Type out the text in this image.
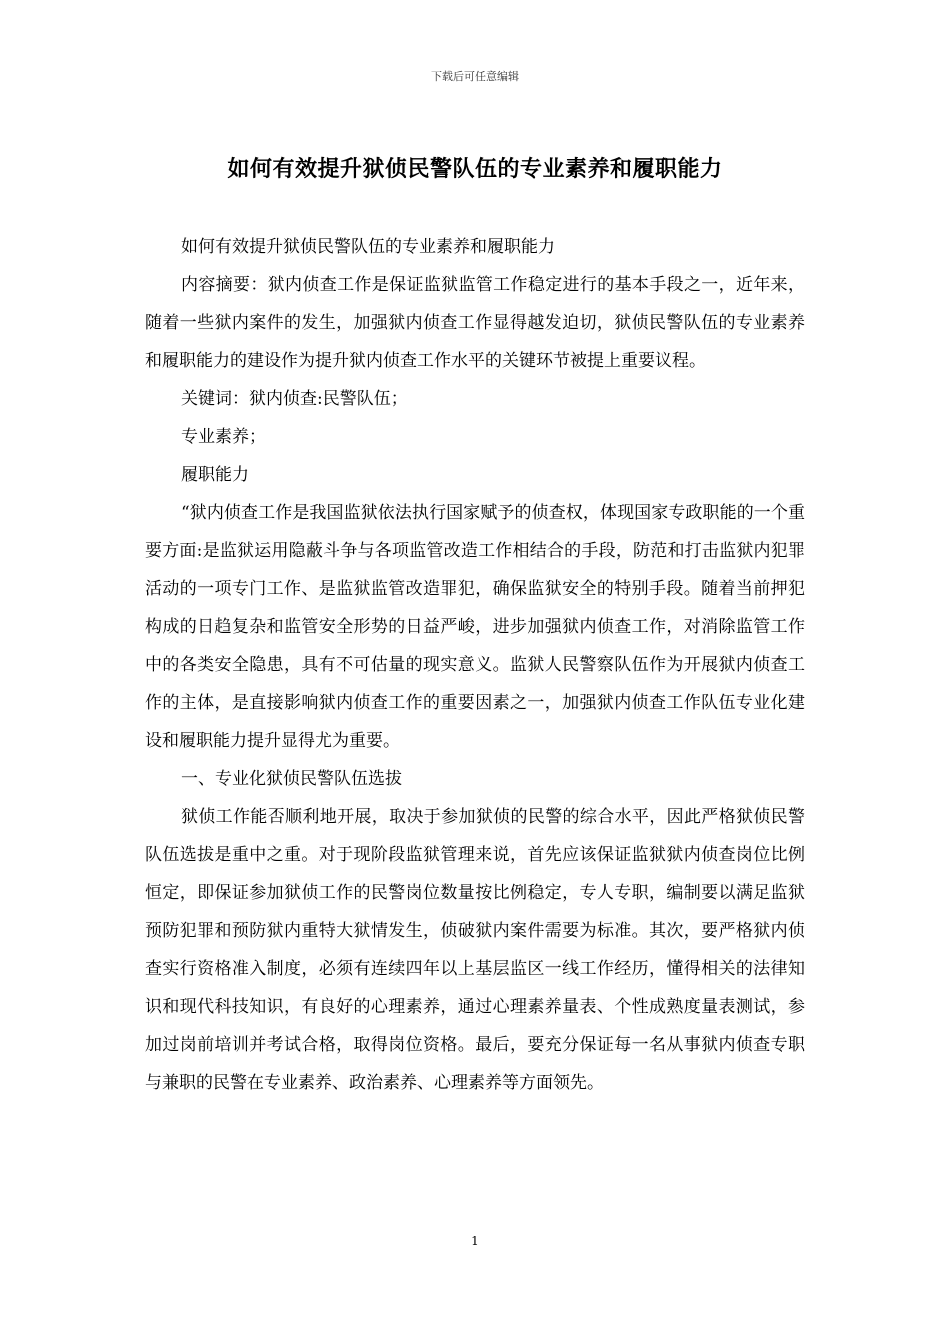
下载后可任意编辑
如何有效提升狱侦民警队伍的专业素养和履职能力

如何有效提升狱侦民警队伍的专业素养和履职能力

内容摘要：狱内侦查工作是保证监狱监管工作稳定进行的基本手段之一，近年来，随着一些狱内案件的发生，加强狱内侦查工作显得越发迫切，狱侦民警队伍的专业素养和履职能力的建设作为提升狱内侦查工作水平的关键环节被提上重要议程。

关键词：狱内侦查:民警队伍；

专业素养；

履职能力

“狱内侦查工作是我国监狱依法执行国家赋予的侦查权，体现国家专政职能的一个重要方面:是监狱运用隐蔽斗争与各项监管改造工作相结合的手段，防范和打击监狱内犯罪活动的一项专门工作、是监狱监管改造罪犯，确保监狱安全的特别手段。随着当前押犯构成的日趋复杂和监管安全形势的日益严峻，进步加强狱内侦查工作，对消除监管工作中的各类安全隐患，具有不可估量的现实意义。监狱人民警察队伍作为开展狱内侦查工作的主体，是直接影响狱内侦查工作的重要因素之一，加强狱内侦查工作队伍专业化建设和履职能力提升显得尤为重要。

一、专业化狱侦民警队伍选拔

狱侦工作能否顺利地开展，取决于参加狱侦的民警的综合水平，因此严格狱侦民警队伍选拔是重中之重。对于现阶段监狱管理来说，首先应该保证监狱狱内侦查岗位比例恒定，即保证参加狱侦工作的民警岗位数量按比例稳定，专人专职，编制要以满足监狱预防犯罪和预防狱内重特大狱情发生，侦破狱内案件需要为标准。其次，要严格狱内侦查实行资格准入制度，必须有连续四年以上基层监区一线工作经历，懂得相关的法律知识和现代科技知识，有良好的心理素养，通过心理素养量表、个性成熟度量表测试，参加过岗前培训并考试合格，取得岗位资格。最后，要充分保证每一名从事狱内侦查专职与兼职的民警在专业素养、政治素养、心理素养等方面领先。

1
